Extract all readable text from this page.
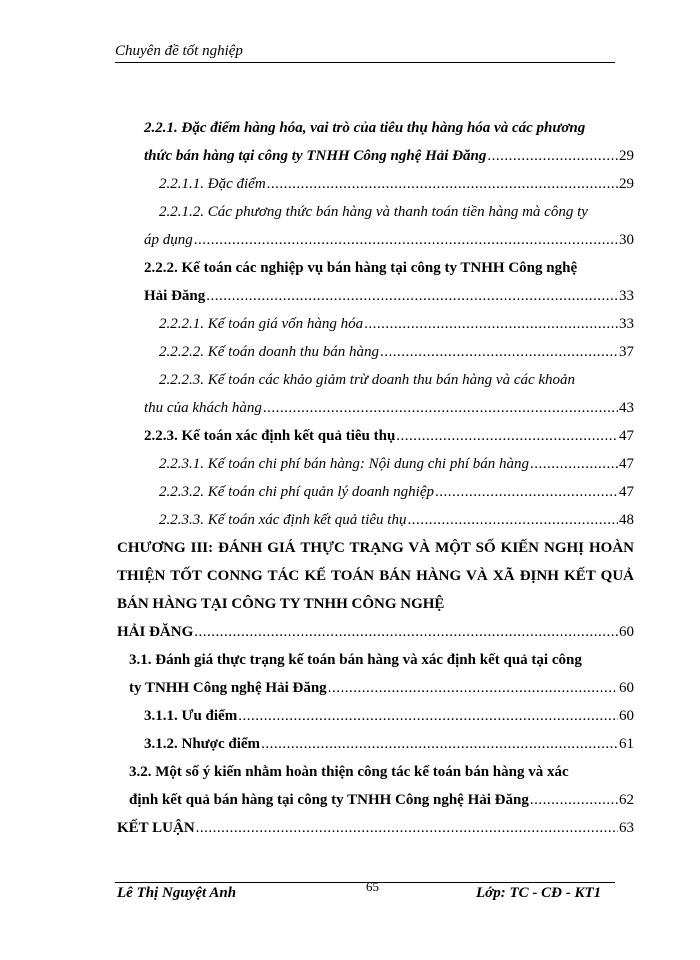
Chuyên đề tốt nghiệp
2.2.1. Đặc điểm hàng hóa, vai trò của tiêu thụ hàng hóa và các phương
thức bán hàng tại công ty TNHH Công nghệ Hải Đăng .....	29
2.2.1.1. Đặc điểm .....	29
2.2.1.2. Các phương thức bán hàng và thanh toán tiền hàng mà công ty
áp dụng .....	30
2.2.2. Kế toán các nghiệp vụ bán hàng tại công ty TNHH Công nghệ
Hải Đăng .....	33
2.2.2.1. Kế toán giá vốn hàng hóa .....	33
2.2.2.2. Kế toán doanh thu bán hàng .....	37
2.2.2.3. Kế toán các khảo giảm trừ doanh thu bán hàng và các khoản
thu của khách hàng .....	43
2.2.3. Kế toán xác định kết quả tiêu thụ .....	47
2.2.3.1. Kế toán chi phí bán hàng: Nội dung chi phí bán hàng .....	47
2.2.3.2. Kế toán chi phí quản lý doanh nghiệp .....	47
2.2.3.3. Kế toán xác định kết quả tiêu thụ .....	48
CHƯƠNG III: ĐÁNH GIÁ THỰC TRẠNG VÀ MỘT SỐ KIẾN NGHỊ HOÀN THIỆN TỐT CONNG TÁC KẾ TOÁN BÁN HÀNG VÀ XÃ ĐỊNH KẾT QUẢ BÁN HÀNG TẠI CÔNG TY TNHH CÔNG NGHỆ
HẢI ĐĂNG .....	60
3.1. Đánh giá thực trạng kế toán bán hàng và xác định kết quả tại công
ty TNHH Công nghệ Hải Đăng .....	60
3.1.1. Ưu điểm .....	60
3.1.2. Nhược điểm .....	61
3.2. Một số ý kiến nhằm hoàn thiện công tác kế toán bán hàng và xác
định kết quả bán hàng tại công ty TNHH Công nghệ Hải Đăng .....	62
KẾT LUẬN .....	63
Lê Thị Nguyệt Anh	65	Lớp: TC - CĐ - KT1
